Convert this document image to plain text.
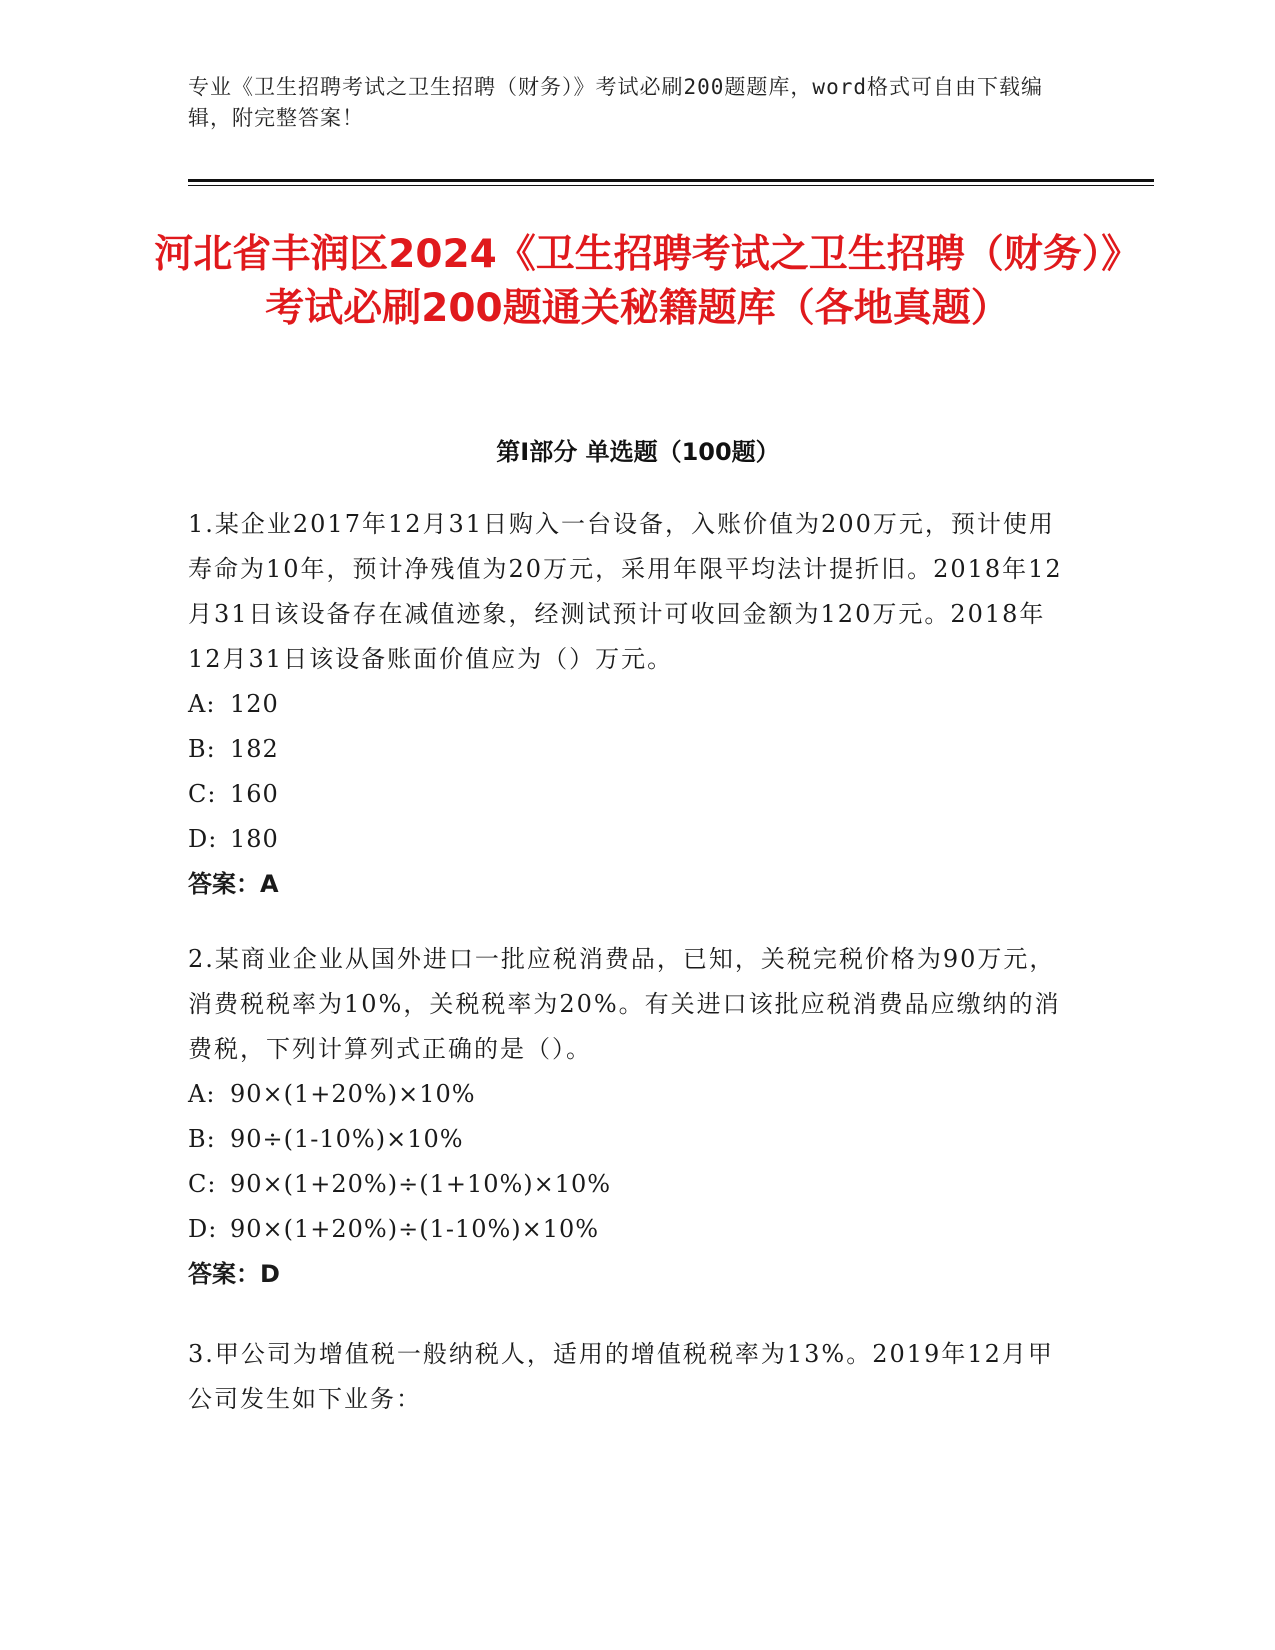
专业《卫生招聘考试之卫生招聘（财务）》考试必刷200题题库，word格式可自由下载编辑，附完整答案！
河北省丰润区2024《卫生招聘考试之卫生招聘（财务）》考试必刷200题通关秘籍题库（各地真题）
第Ⅰ部分 单选题（100题）

1.某企业2017年12月31日购入一台设备，入账价值为200万元，预计使用寿命为10年，预计净残值为20万元，采用年限平均法计提折旧。2018年12月31日该设备存在减值迹象，经测试预计可收回金额为120万元。2018年12月31日该设备账面价值应为（）万元。

A: 120

B: 182

C: 160

D: 180

答案：A

2.某商业企业从国外进口一批应税消费品，已知，关税完税价格为90万元，消费税税率为10%，关税税率为20%。有关进口该批应税消费品应缴纳的消费税，下列计算列式正确的是（）。

A: 90×(1+20%)×10%

B: 90÷(1-10%)×10%

C: 90×(1+20%)÷(1+10%)×10%

D: 90×(1+20%)÷(1-10%)×10%

答案：D

3.甲公司为增值税一般纳税人，适用的增值税税率为13%。2019年12月甲公司发生如下业务：
